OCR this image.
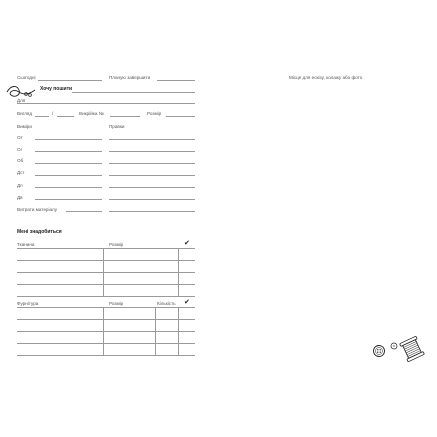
Сьогодні	Планую завершити	Місце для ескізу, колажу або фото
Хочу пошити
Для
Вигляд	/	Викрійка №	Розмір
Виміри	Правки
От
Ог
Об
Дст
Дп
Дв
Витрати матеріалу
Мені знадобиться
Тканина	Розмір	✔
Фурнітура	Розмір	Кількість ✔
